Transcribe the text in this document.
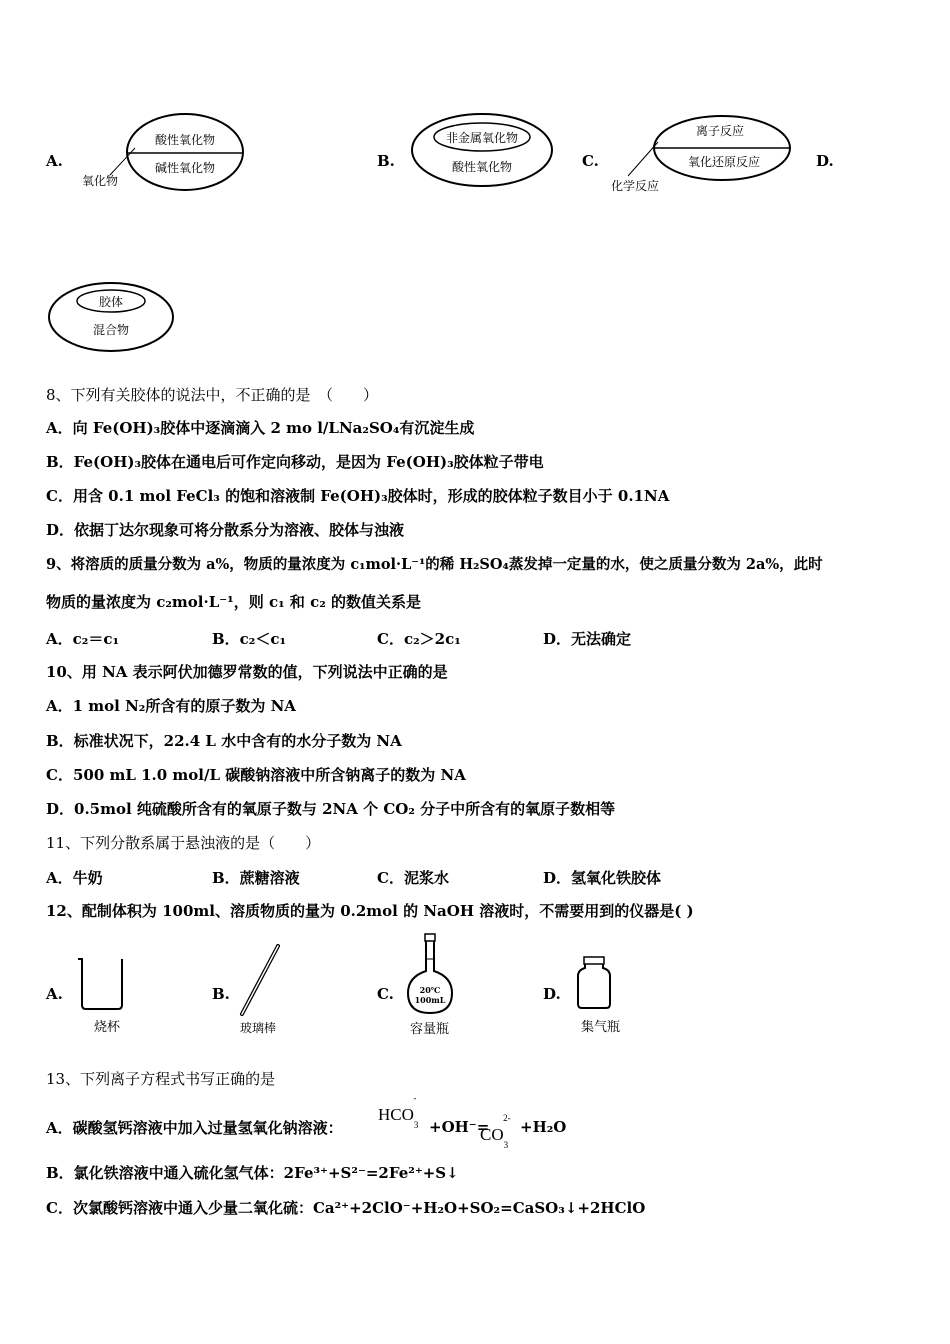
A.
酸性氧化物
碱性氧化物
氧化物
B.
非金属氧化物
酸性氧化物	C.
离子反应
氧化还原反应
化学反应
D.
胶体
混合物
8、下列有关胶体的说法中，不正确的是　（　　）
A．向 Fe(OH)₃胶体中逐滴滴入 2 mo l/LNa₂SO₄有沉淀生成
B．Fe(OH)₃胶体在通电后可作定向移动，是因为 Fe(OH)₃胶体粒子带电
C．用含 0.1 mol FeCl₃ 的饱和溶液制 Fe(OH)₃胶体时，形成的胶体粒子数目小于 0.1NA
D．依据丁达尔现象可将分散系分为溶液、胶体与浊液
9、将溶质的质量分数为 a%，物质的量浓度为 c₁mol·L⁻¹的稀 H₂SO₄蒸发掉一定量的水，使之质量分数为 2a%，此时
物质的量浓度为 c₂mol·L⁻¹，则 c₁ 和 c₂ 的数值关系是
A．c₂＝c₁	B．c₂＜c₁	C．c₂＞2c₁	D．无法确定
10、用 NA 表示阿伏加德罗常数的值，下列说法中正确的是
A．1 mol N₂所含有的原子数为 NA
B．标准状况下，22.4 L 水中含有的水分子数为 NA
C．500 mL 1.0 mol/L 碳酸钠溶液中所含钠离子的数为 NA
D．0.5mol 纯硫酸所含有的氧原子数与 2NA 个 CO₂ 分子中所含有的氧原子数相等
11、下列分散系属于悬浊液的是（　　）
A．牛奶	B．蔗糖溶液	C．泥浆水	D．氢氧化铁胶体
12、配制体积为 100ml、溶质物质的量为 0.2mol 的 NaOH 溶液时，不需要用到的仪器是( )
A.
烧杯
B.
玻璃棒
C.	20℃
100mL
容量瓶
D.
集气瓶
13、下列离子方程式书写正确的是
A．碳酸氢钙溶液中加入过量氢氧化钠溶液：
$HCO_3^-$
+OH⁻=
$CO_3^{2-} +H_2O$
B．氯化铁溶液中通入硫化氢气体：2Fe³⁺+S²⁻=2Fe²⁺+S↓
C．次氯酸钙溶液中通入少量二氧化硫：Ca²⁺+2ClO⁻+H₂O+SO₂=CaSO₃↓+2HClO
